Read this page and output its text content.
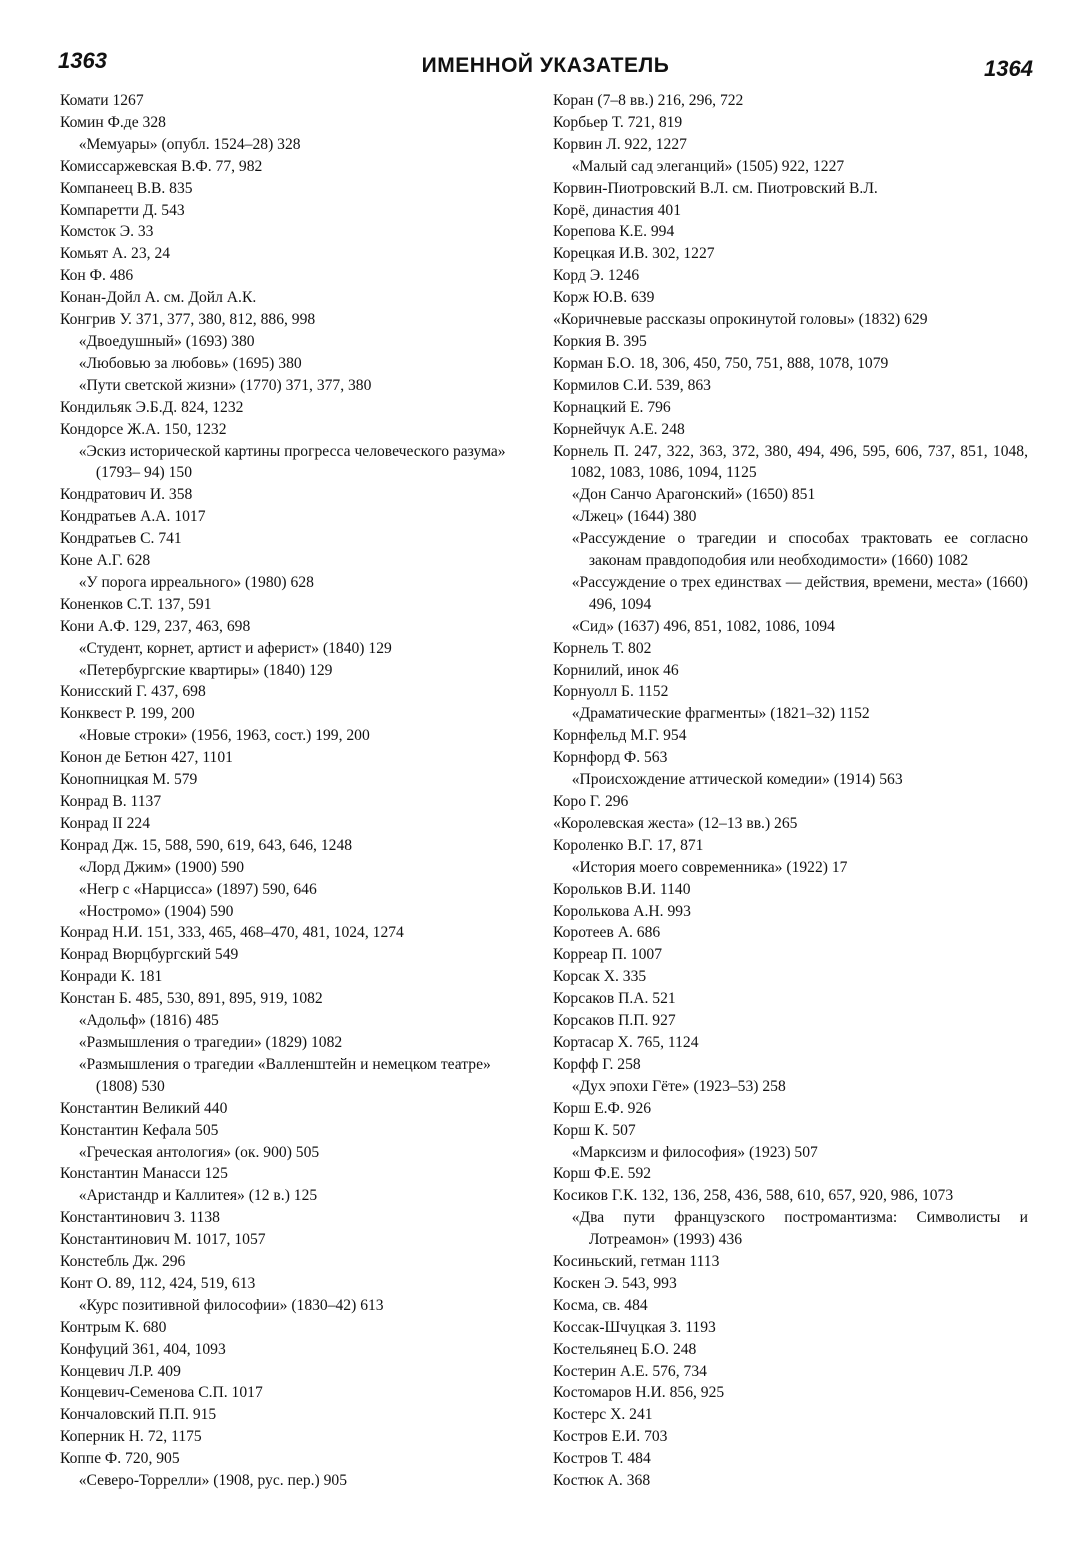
1363	ИМЕННОЙ УКАЗАТЕЛЬ	1364

Комати 1267

Комин Ф.де 328

«Мемуары» (опубл. 1524–28) 328

Комиссаржевская В.Ф. 77, 982

Компанеец В.В. 835

Компаретти Д. 543

Комсток Э. 33

Комьят А. 23, 24

Кон Ф. 486

Конан-Дойл А. см. Дойл А.К.

Конгрив У. 371, 377, 380, 812, 886, 998

«Двоедушный» (1693) 380

«Любовью за любовь» (1695) 380

«Пути светской жизни» (1770) 371, 377, 380

Кондильяк Э.Б.Д. 824, 1232

Кондорсе Ж.А. 150, 1232

«Эскиз исторической картины прогресса человеческого разума» (1793– 94) 150

Кондратович И. 358

Кондратьев А.А. 1017

Кондратьев С. 741

Коне А.Г. 628

«У порога ирреального» (1980) 628

Коненков С.Т. 137, 591

Кони А.Ф. 129, 237, 463, 698

«Студент, корнет, артист и аферист» (1840) 129

«Петербургские квартиры» (1840) 129

Конисский Г. 437, 698

Конквест Р. 199, 200

«Новые строки» (1956, 1963, сост.) 199, 200

Конон де Бетюн 427, 1101

Конопницкая М. 579

Конрад В. 1137

Конрад II 224

Конрад Дж. 15, 588, 590, 619, 643, 646, 1248

«Лорд Джим» (1900) 590

«Негр с «Нарцисса» (1897) 590, 646

«Ностромо» (1904) 590

Конрад Н.И. 151, 333, 465, 468–470, 481, 1024, 1274

Конрад Вюрцбургский 549

Конради К. 181

Констан Б. 485, 530, 891, 895, 919, 1082

«Адольф» (1816) 485

«Размышления о трагедии» (1829) 1082

«Размышления о трагедии «Валленштейн и немецком театре» (1808) 530

Константин Великий 440

Константин Кефала 505

«Греческая антология» (ок. 900) 505

Константин Манасси 125

«Аристандр и Каллитея» (12 в.) 125

Константинович З. 1138

Константинович М. 1017, 1057

Констебль Дж. 296

Конт О. 89, 112, 424, 519, 613

«Курс позитивной философии» (1830–42) 613

Контрым К. 680

Конфуций 361, 404, 1093

Концевич Л.Р. 409

Концевич-Семенова С.П. 1017

Кончаловский П.П. 915

Коперник Н. 72, 1175

Коппе Ф. 720, 905

«Северо-Торрелли» (1908, рус. пер.) 905

Коран (7–8 вв.) 216, 296, 722

Корбьер Т. 721, 819

Корвин Л. 922, 1227

«Малый сад элеганций» (1505) 922, 1227

Корвин-Пиотровский В.Л. см. Пиотровский В.Л.

Корё, династия 401

Корепова К.Е. 994

Корецкая И.В. 302, 1227

Корд Э. 1246

Корж Ю.В. 639

«Коричневые рассказы опрокинутой головы» (1832) 629

Коркия В. 395

Корман Б.О. 18, 306, 450, 750, 751, 888, 1078, 1079

Кормилов С.И. 539, 863

Корнацкий Е. 796

Корнейчук А.Е. 248

Корнель П. 247, 322, 363, 372, 380, 494, 496, 595, 606, 737, 851, 1048, 1082, 1083, 1086, 1094, 1125

«Дон Санчо Арагонский» (1650) 851

«Лжец» (1644) 380

«Рассуждение о трагедии и способах трактовать ее согласно законам правдоподобия или необходимости» (1660) 1082

«Рассуждение о трех единствах — действия, времени, места» (1660) 496, 1094

«Сид» (1637) 496, 851, 1082, 1086, 1094

Корнель Т. 802

Корнилий, инок 46

Корнуолл Б. 1152

«Драматические фрагменты» (1821–32) 1152

Корнфельд М.Г. 954

Корнфорд Ф. 563

«Происхождение аттической комедии» (1914) 563

Коро Г. 296

«Королевская жеста» (12–13 вв.) 265

Короленко В.Г. 17, 871

«История моего современника» (1922) 17

Корольков В.И. 1140

Королькова А.Н. 993

Коротеев А. 686

Корреар П. 1007

Корсак Х. 335

Корсаков П.А. 521

Корсаков П.П. 927

Кортасар Х. 765, 1124

Корфф Г. 258

«Дух эпохи Гёте» (1923–53) 258

Корш Е.Ф. 926

Корш К. 507

«Марксизм и философия» (1923) 507

Корш Ф.Е. 592

Косиков Г.К. 132, 136, 258, 436, 588, 610, 657, 920, 986, 1073

«Два пути французского постромантизма: Символисты и Лотреамон» (1993) 436

Косиньский, гетман 1113

Коскен Э. 543, 993

Косма, св. 484

Коссак-Шчуцкая З. 1193

Костельянец Б.О. 248

Костерин А.Е. 576, 734

Костомаров Н.И. 856, 925

Костерс Х. 241

Костров Е.И. 703

Костров Т. 484

Костюк А. 368
